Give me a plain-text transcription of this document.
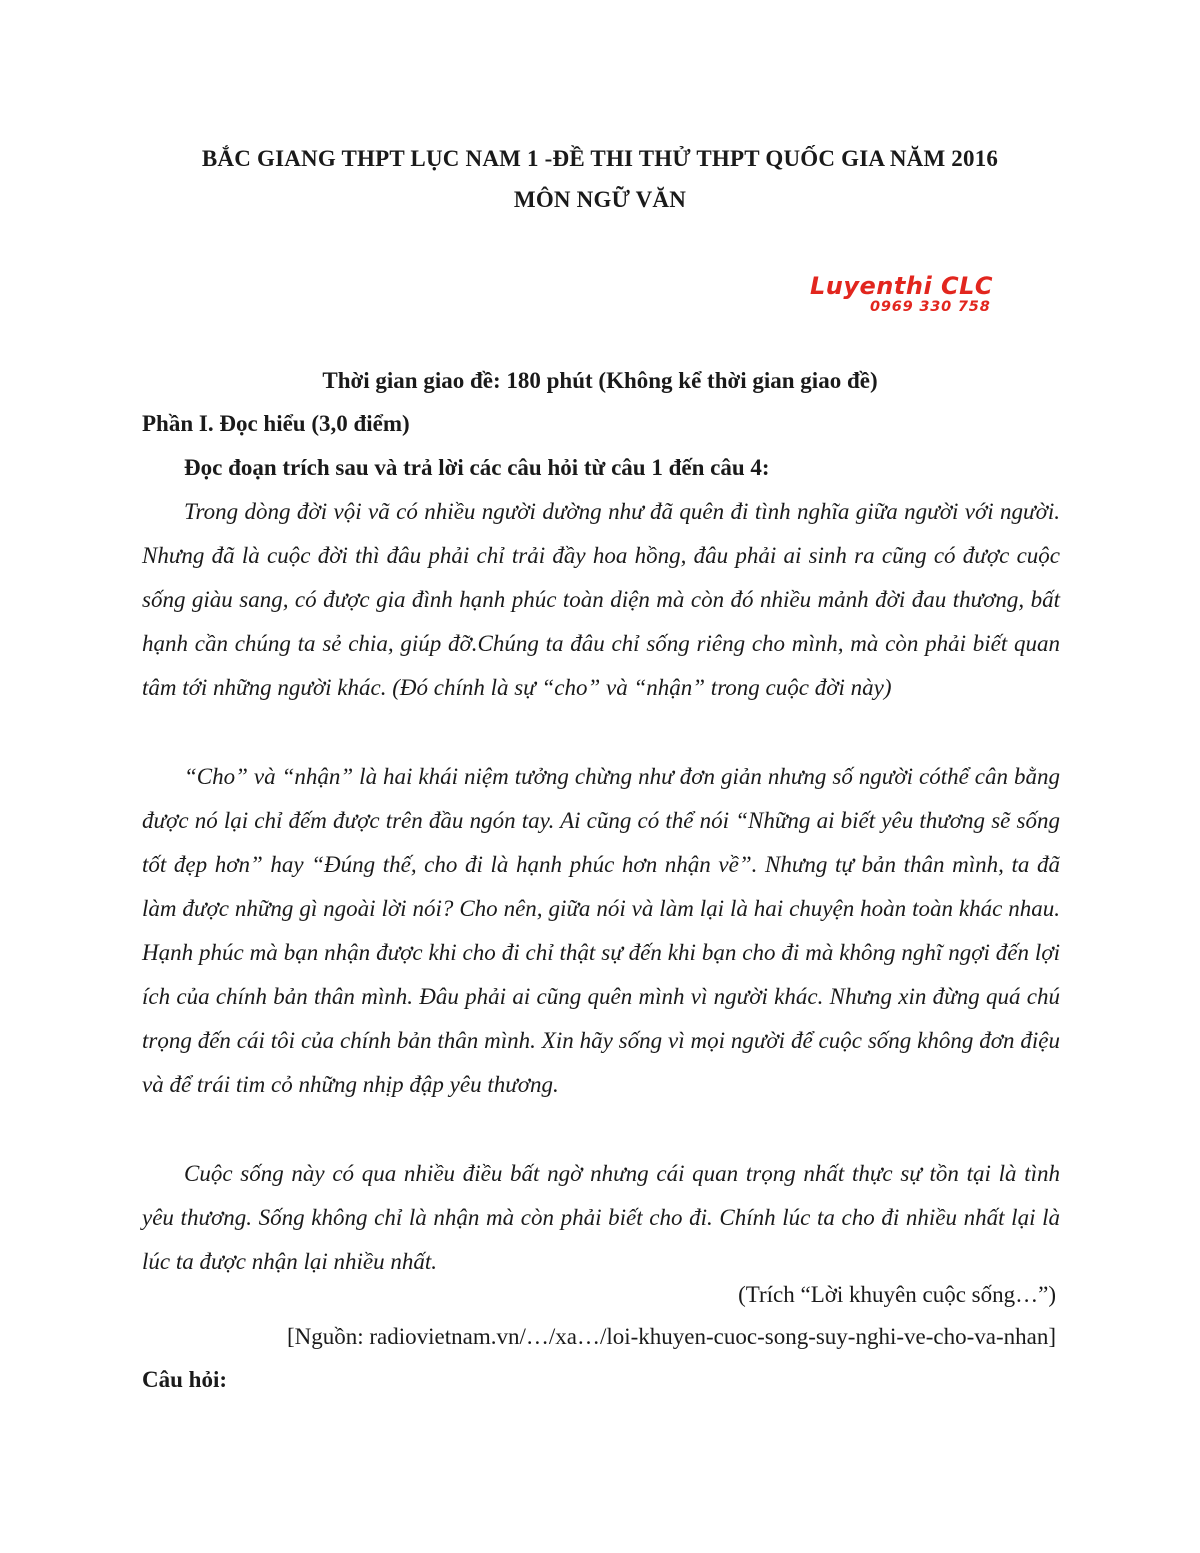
BẮC GIANG THPT LỤC NAM 1 -ĐỀ THI THỬ THPT QUỐC GIA NĂM 2016
MÔN NGỮ VĂN
Luyenthi CLC
0969 330 758
Thời gian giao đề: 180 phút (Không kể thời gian giao đề)
Phần I. Đọc hiểu (3,0 điểm)
Đọc đoạn trích sau và trả lời các câu hỏi từ câu 1 đến câu 4:

Trong dòng đời vội vã có nhiều người dường như đã quên đi tình nghĩa giữa người với người. Nhưng đã là cuộc đời thì đâu phải chỉ trải đầy hoa hồng, đâu phải ai sinh ra cũng có được cuộc sống giàu sang, có được gia đình hạnh phúc toàn diện mà còn đó nhiều mảnh đời đau thương, bất hạnh cần chúng ta sẻ chia, giúp đỡ.Chúng ta đâu chỉ sống riêng cho mình, mà còn phải biết quan tâm tới những người khác. (Đó chính là sự “cho” và “nhận” trong cuộc đời này)

“Cho” và “nhận” là hai khái niệm tưởng chừng như đơn giản nhưng số người cóthể cân bằng được nó lại chỉ đếm được trên đầu ngón tay. Ai cũng có thể nói “Những ai biết yêu thương sẽ sống tốt đẹp hơn” hay “Đúng thế, cho đi là hạnh phúc hơn nhận về”. Nhưng tự bản thân mình, ta đã làm được những gì ngoài lời nói? Cho nên, giữa nói và làm lại là hai chuyện hoàn toàn khác nhau. Hạnh phúc mà bạn nhận được khi cho đi chỉ thật sự đến khi bạn cho đi mà không nghĩ ngợi đến lợi ích của chính bản thân mình. Đâu phải ai cũng quên mình vì người khác. Nhưng xin đừng quá chú trọng đến cái tôi của chính bản thân mình. Xin hãy sống vì mọi người để cuộc sống không đơn điệu và để trái tim cỏ những nhịp đập yêu thương.

Cuộc sống này có qua nhiều điều bất ngờ nhưng cái quan trọng nhất thực sự tồn tại là tình yêu thương. Sống không chỉ là nhận mà còn phải biết cho đi. Chính lúc ta cho đi nhiều nhất lại là lúc ta được nhận lại nhiều nhất.

(Trích “Lời khuyên cuộc sống…”)
[Nguồn: radiovietnam.vn/…/xa…/loi-khuyen-cuoc-song-suy-nghi-ve-cho-va-nhan]
Câu hỏi:
